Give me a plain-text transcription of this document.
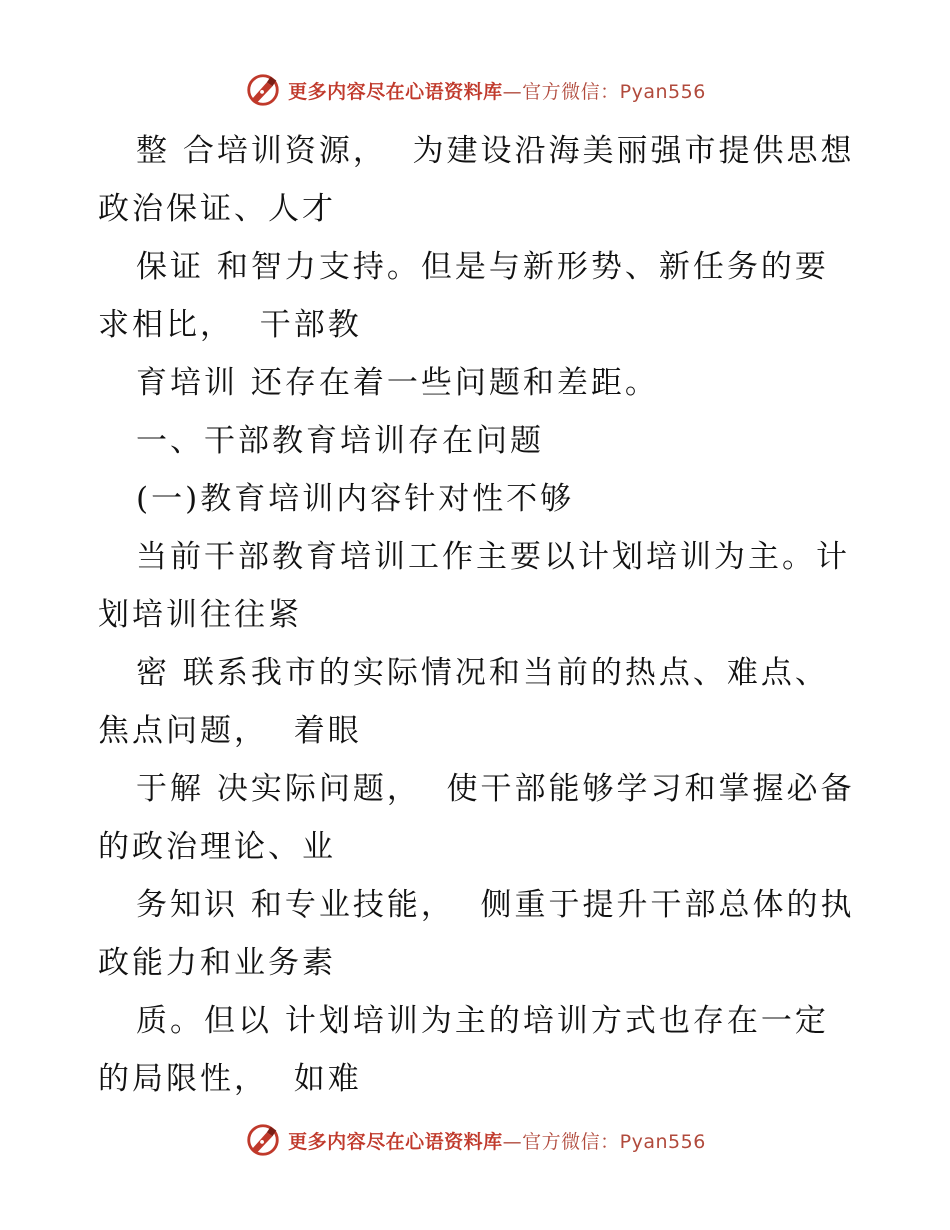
更多内容尽在心语资料库—官方微信：Pyan556
整 合培训资源，  为建设沿海美丽强市提供思想
政治保证、人才
保证 和智力支持。但是与新形势、新任务的要
求相比，  干部教
育培训 还存在着一些问题和差距。
一、干部教育培训存在问题
(一)教育培训内容针对性不够
当前干部教育培训工作主要以计划培训为主。计
划培训往往紧
密 联系我市的实际情况和当前的热点、难点、
焦点问题，  着眼
于解 决实际问题，  使干部能够学习和掌握必备
的政治理论、业
务知识 和专业技能，  侧重于提升干部总体的执
政能力和业务素
质。但以 计划培训为主的培训方式也存在一定
的局限性，  如难
更多内容尽在心语资料库—官方微信：Pyan556
